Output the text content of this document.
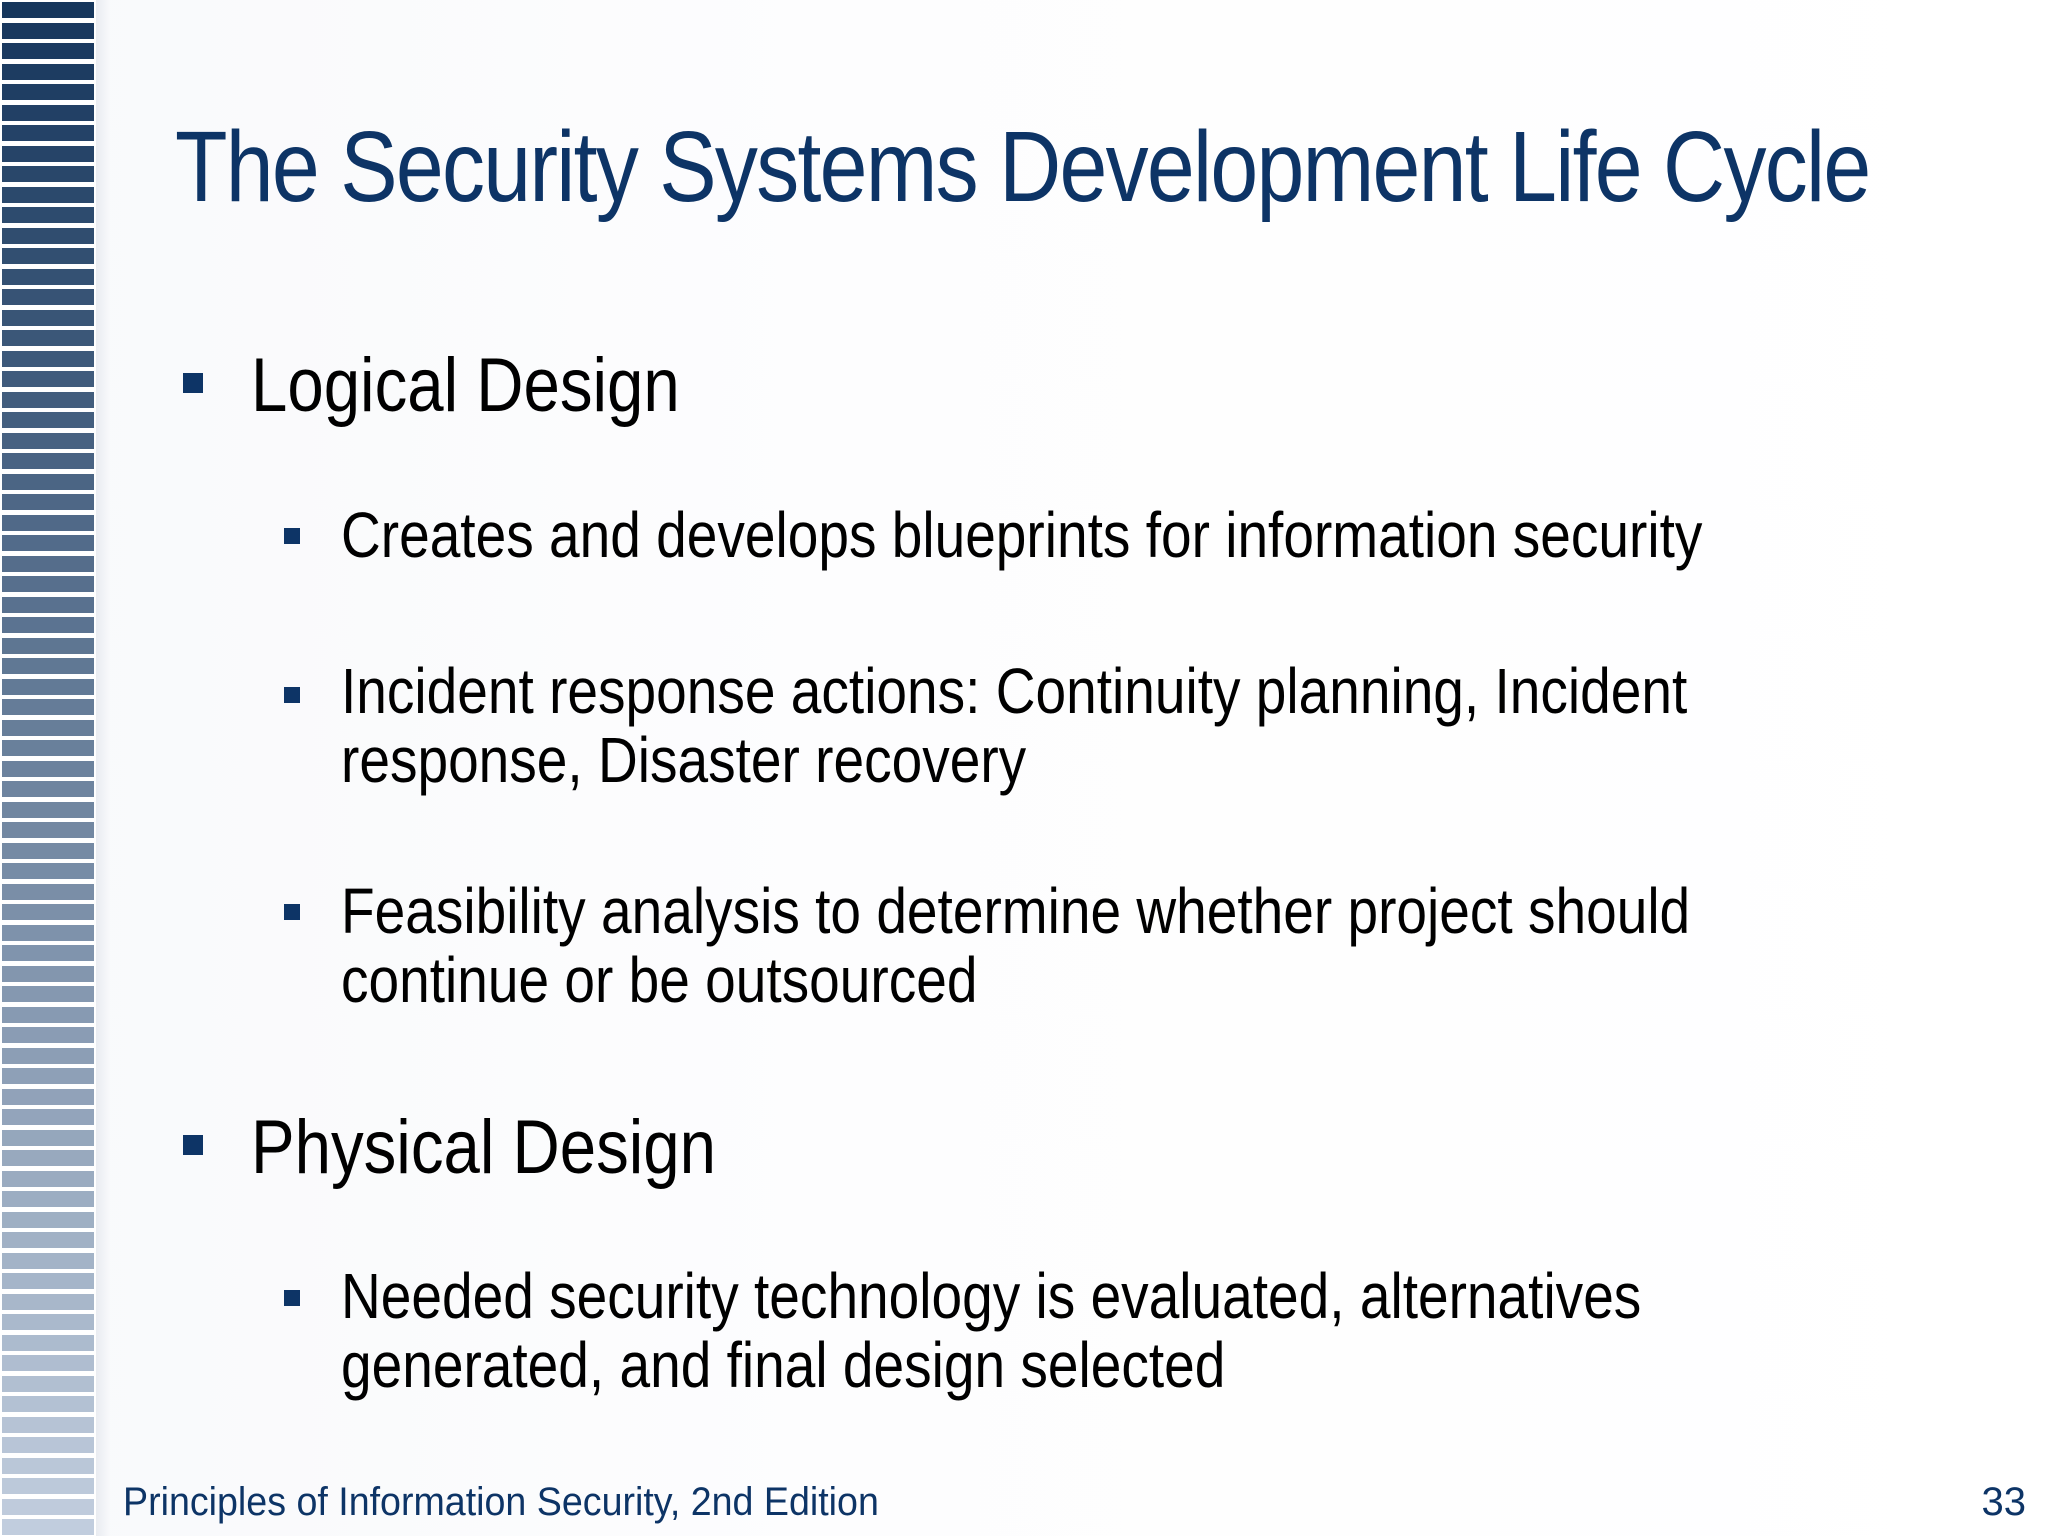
The Security Systems Development Life Cycle
Logical Design
Creates and develops blueprints for information security
Incident response actions: Continuity planning, Incident
response, Disaster recovery
Feasibility analysis to determine whether project should
continue or be outsourced
Physical Design
Needed security technology is evaluated, alternatives
generated, and final design selected
Principles of Information Security, 2nd Edition	33
